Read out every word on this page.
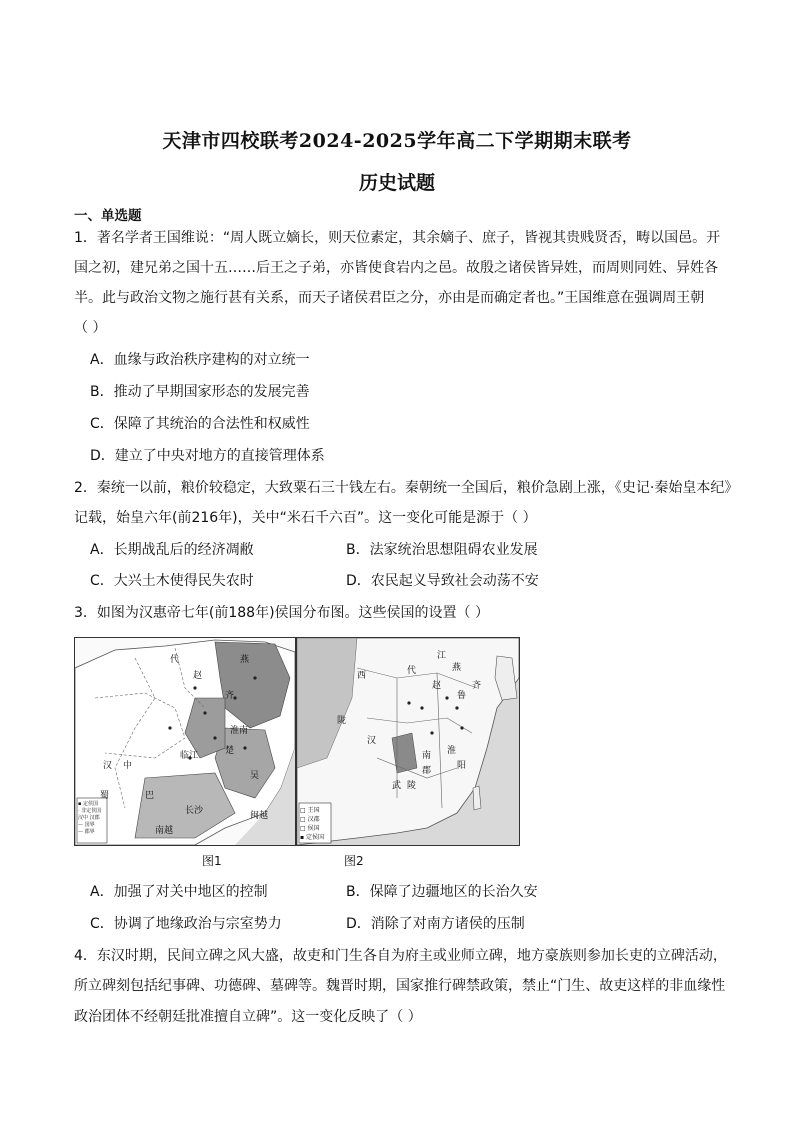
天津市四校联考2024-2025学年高二下学期期末联考
历史试题
一、单选题
1．著名学者王国维说：“周人既立嫡长，则天位素定，其余嫡子、庶子，皆视其贵贱贤否，畴以国邑。开
国之初，建兄弟之国十五……后王之子弟，亦皆使食岩内之邑。故殷之诸侯皆异姓，而周则同姓、异姓各
半。此与政治文物之施行甚有关系，而天子诸侯君臣之分，亦由是而确定者也。”王国维意在强调周王朝
（ ）
A．血缘与政治秩序建构的对立统一
B．推动了早期国家形态的发展完善
C．保障了其统治的合法性和权威性
D．建立了中央对地方的直接管理体系
2．秦统一以前，粮价较稳定，大致粟石三十钱左右。秦朝统一全国后，粮价急剧上涨，《史记·秦始皇本纪》
记载，始皇六年(前216年)，关中“米石千六百”。这一变化可能是源于（ ）
A．长期战乱后的经济凋敝	B．法家统治思想阻碍农业发展
C．大兴土木使得民失农时	D．农民起义导致社会动荡不安
3．如图为汉惠帝七年(前188年)侯国分布图。这些侯国的设置（ ）
汉 中
巴
蜀
齐
吴
楚
赵
代	燕
淮南
临江
长沙
南越
闽越
▪ 定侯国
· 非定侯国
汉中 汉郡
— 国界
— 郡界
江
西
鲁
齐
赵
燕
代
汉
武 陵
南
郡
陇
淮
阳
□ 王国
□ 汉郡
□ 侯国
▪ 定侯国
图1	图2
A．加强了对关中地区的控制	B．保障了边疆地区的长治久安
C．协调了地缘政治与宗室势力	D．消除了对南方诸侯的压制
4．东汉时期，民间立碑之风大盛，故吏和门生各自为府主或业师立碑，地方豪族则参加长吏的立碑活动，
所立碑刻包括纪事碑、功德碑、墓碑等。魏晋时期，国家推行碑禁政策，禁止“门生、故吏这样的非血缘性
政治团体不经朝廷批准擅自立碑”。这一变化反映了（ ）
